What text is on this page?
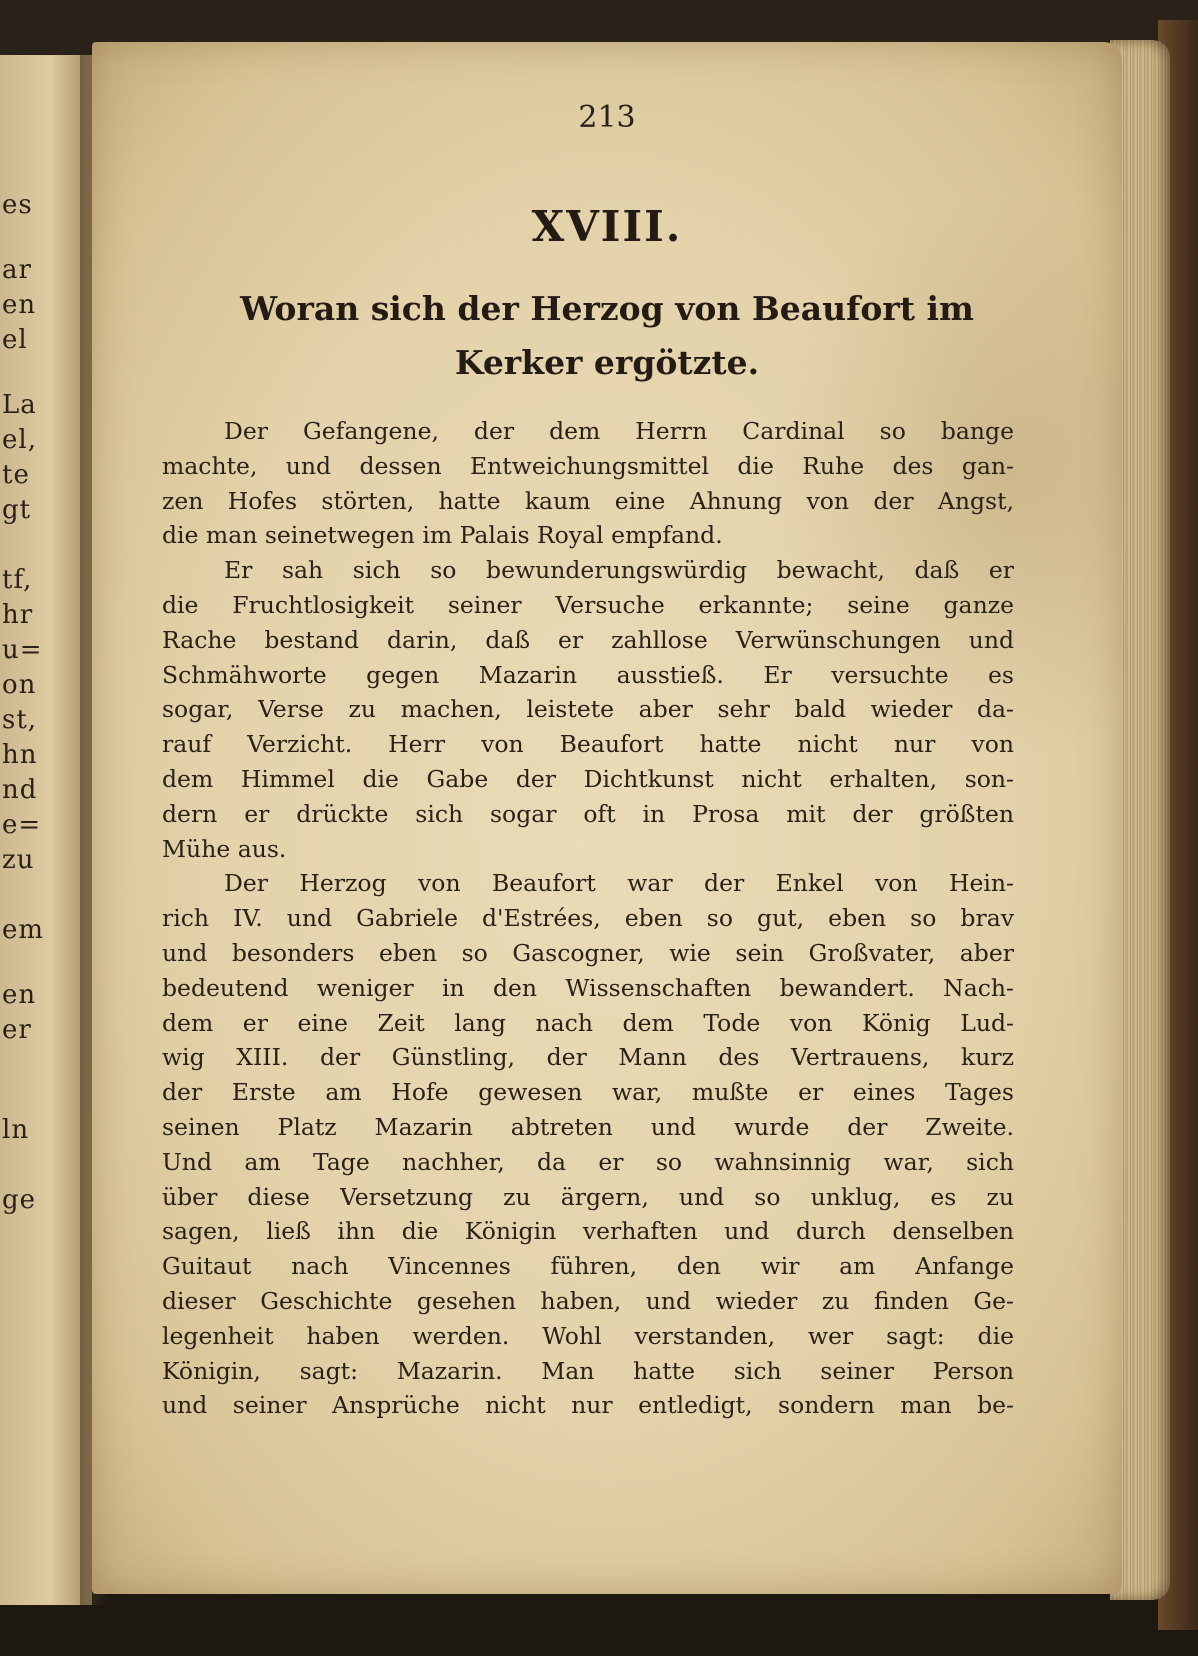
es
ar
en
el
La
el,
te
gt
tf,
hr
u=
on
st,
hn
nd
e=
zu
em
en
er
ln
ge
213
XVIII.
Woran sich der Herzog von Beaufort im
Kerker ergötzte.
Der Gefangene, der dem Herrn Cardinal so bange
machte, und dessen Entweichungsmittel die Ruhe des gan-
zen Hofes störten, hatte kaum eine Ahnung von der Angst,
die man seinetwegen im Palais Royal empfand.
Er sah sich so bewunderungswürdig bewacht, daß er
die Fruchtlosigkeit seiner Versuche erkannte; seine ganze
Rache bestand darin, daß er zahllose Verwünschungen und
Schmähworte gegen Mazarin ausstieß. Er versuchte es
sogar, Verse zu machen, leistete aber sehr bald wieder da-
rauf Verzicht. Herr von Beaufort hatte nicht nur von
dem Himmel die Gabe der Dichtkunst nicht erhalten, son-
dern er drückte sich sogar oft in Prosa mit der größten
Mühe aus.
Der Herzog von Beaufort war der Enkel von Hein-
rich IV. und Gabriele d'Estrées, eben so gut, eben so brav
und besonders eben so Gascogner, wie sein Großvater, aber
bedeutend weniger in den Wissenschaften bewandert. Nach-
dem er eine Zeit lang nach dem Tode von König Lud-
wig XIII. der Günstling, der Mann des Vertrauens, kurz
der Erste am Hofe gewesen war, mußte er eines Tages
seinen Platz Mazarin abtreten und wurde der Zweite.
Und am Tage nachher, da er so wahnsinnig war, sich
über diese Versetzung zu ärgern, und so unklug, es zu
sagen, ließ ihn die Königin verhaften und durch denselben
Guitaut nach Vincennes führen, den wir am Anfange
dieser Geschichte gesehen haben, und wieder zu finden Ge-
legenheit haben werden. Wohl verstanden, wer sagt: die
Königin, sagt: Mazarin. Man hatte sich seiner Person
und seiner Ansprüche nicht nur entledigt, sondern man be-
